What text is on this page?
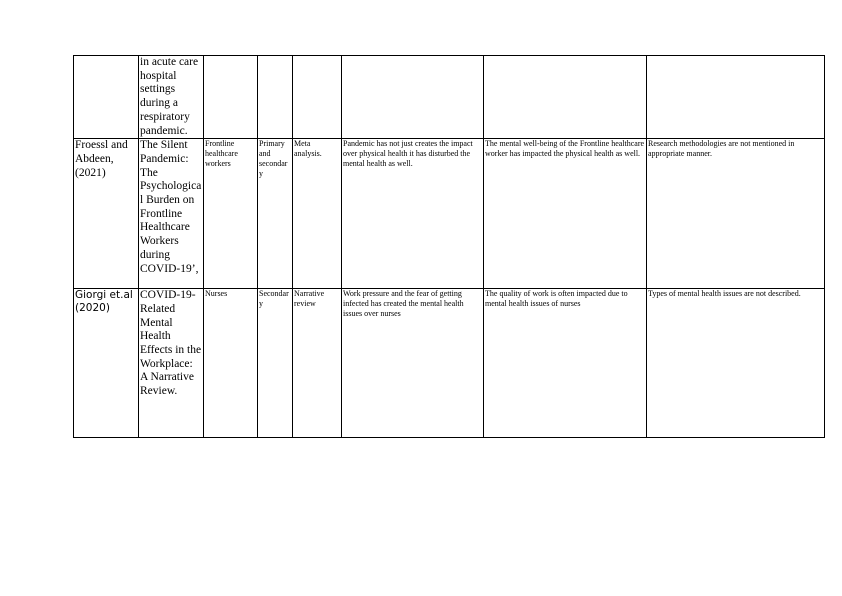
	in acute care hospital settings during a respiratory pandemic.						
Froessl and Abdeen, (2021)	The Silent Pandemic: The Psychological Burden on Frontline Healthcare Workers during COVID-19’,	Frontline healthcare workers	Primary and secondary	Meta analysis.	Pandemic has not just creates the impact over physical health it has disturbed the mental health as well.	The mental well-being of the Frontline healthcare worker has impacted the physical health as well.	Research methodologies are not mentioned in appropriate manner.
Giorgi et.al (2020)	COVID-19-Related Mental Health Effects in the Workplace: A Narrative Review.	Nurses	Secondary	Narrative review	Work pressure and the fear of getting infected has created the mental health issues over nurses	The quality of work is often impacted due to mental health issues of nurses	Types of mental health issues are not described.
